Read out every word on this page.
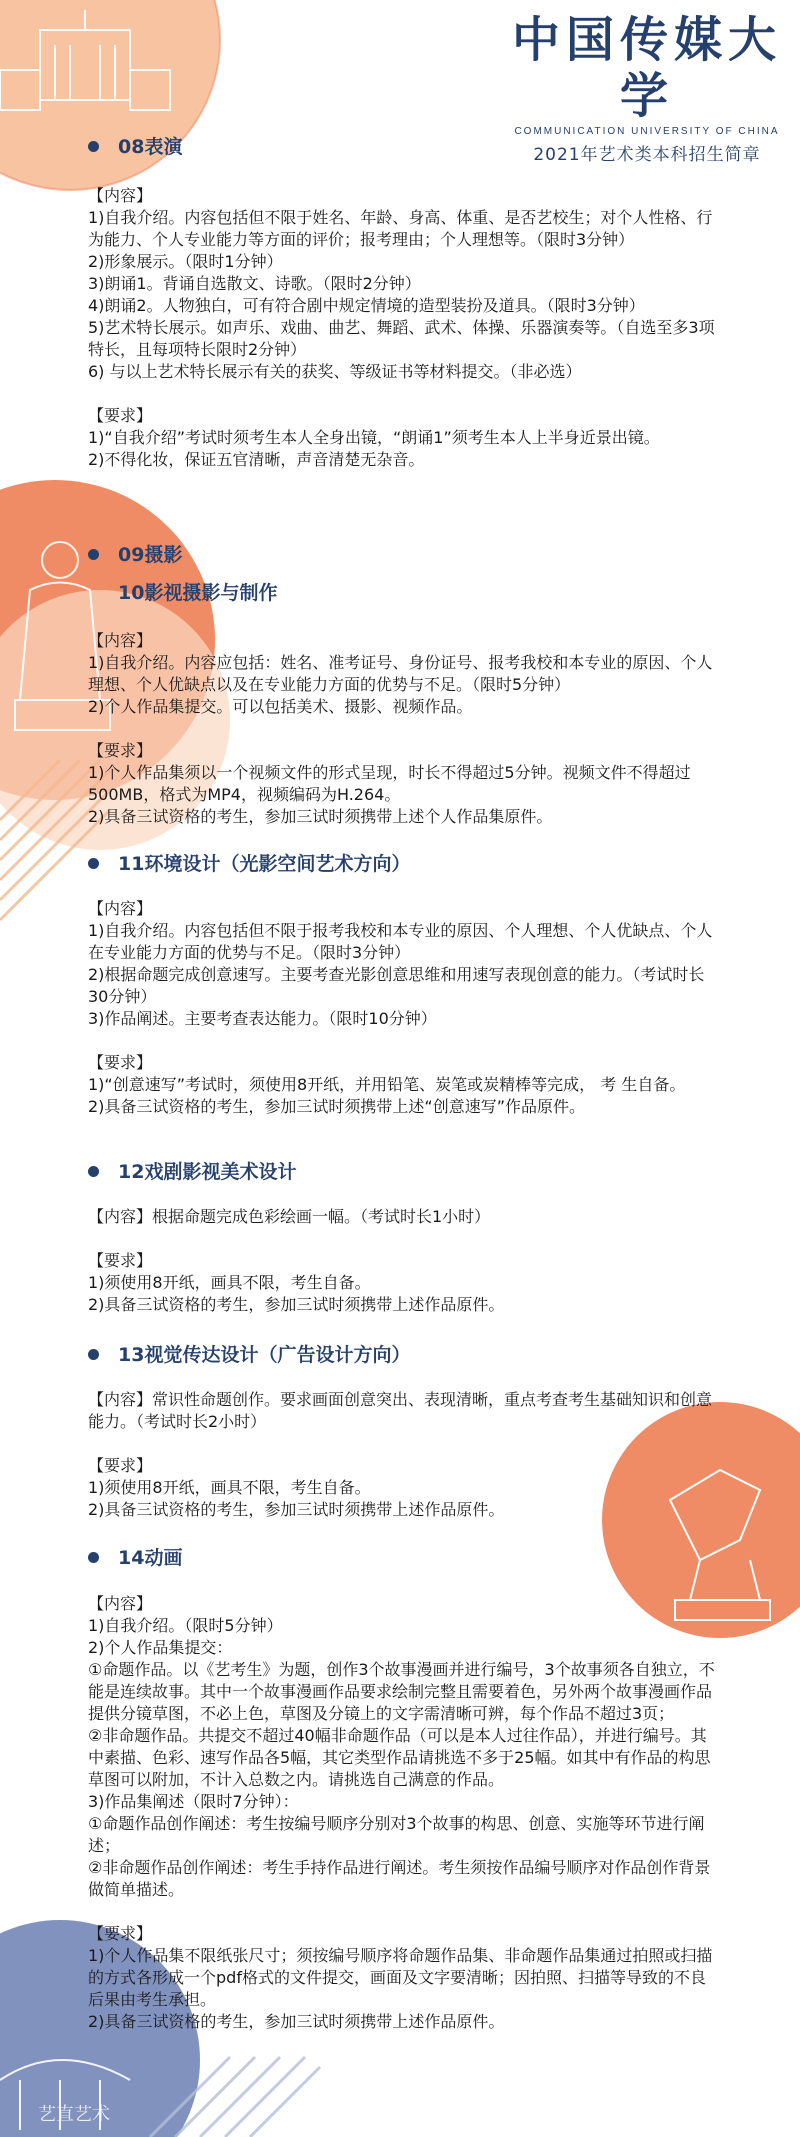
中国传媒大学
COMMUNICATION UNIVERSITY OF CHINA
2021年艺术类本科招生简章
08表演
【内容】
1)自我介绍。内容包括但不限于姓名、年龄、身高、体重、是否艺校生；对个人性格、行为能力、个人专业能力等方面的评价；报考理由；个人理想等。（限时3分钟）
2)形象展示。（限时1分钟）
3)朗诵1。背诵自选散文、诗歌。（限时2分钟）
4)朗诵2。人物独白，可有符合剧中规定情境的造型装扮及道具。（限时3分钟）
5)艺术特长展示。如声乐、戏曲、曲艺、舞蹈、武术、体操、乐器演奏等。（自选至多3项特长，且每项特长限时2分钟）
6) 与以上艺术特长展示有关的获奖、等级证书等材料提交。（非必选）

【要求】
1)“自我介绍”考试时须考生本人全身出镜，“朗诵1”须考生本人上半身近景出镜。
2)不得化妆，保证五官清晰，声音清楚无杂音。
09摄影
10影视摄影与制作
【内容】
1)自我介绍。内容应包括：姓名、准考证号、身份证号、报考我校和本专业的原因、个人理想、个人优缺点以及在专业能力方面的优势与不足。（限时5分钟）
2)个人作品集提交。可以包括美术、摄影、视频作品。

【要求】
1)个人作品集须以一个视频文件的形式呈现，时长不得超过5分钟。视频文件不得超过500MB，格式为MP4，视频编码为H.264。
2)具备三试资格的考生，参加三试时须携带上述个人作品集原件。
11环境设计（光影空间艺术方向）
【内容】
1)自我介绍。内容包括但不限于报考我校和本专业的原因、个人理想、个人优缺点、个人在专业能力方面的优势与不足。（限时3分钟）
2)根据命题完成创意速写。主要考查光影创意思维和用速写表现创意的能力。（考试时长30分钟）
3)作品阐述。主要考查表达能力。（限时10分钟）

【要求】
1)“创意速写”考试时，须使用8开纸，并用铅笔、炭笔或炭精棒等完成， 考 生自备。
2)具备三试资格的考生，参加三试时须携带上述“创意速写”作品原件。
12戏剧影视美术设计
【内容】根据命题完成色彩绘画一幅。（考试时长1小时）

【要求】
1)须使用8开纸，画具不限，考生自备。
2)具备三试资格的考生，参加三试时须携带上述作品原件。
13视觉传达设计（广告设计方向）
【内容】常识性命题创作。要求画面创意突出、表现清晰，重点考查考生基础知识和创意能力。（考试时长2小时）

【要求】
1)须使用8开纸，画具不限，考生自备。
2)具备三试资格的考生，参加三试时须携带上述作品原件。
14动画
【内容】
1)自我介绍。（限时5分钟）
2)个人作品集提交：
①命题作品。以《艺考生》为题，创作3个故事漫画并进行编号，3个故事须各自独立，不能是连续故事。其中一个故事漫画作品要求绘制完整且需要着色，另外两个故事漫画作品提供分镜草图，不必上色，草图及分镜上的文字需清晰可辨，每个作品不超过3页；
②非命题作品。共提交不超过40幅非命题作品（可以是本人过往作品），并进行编号。其中素描、色彩、速写作品各5幅，其它类型作品请挑选不多于25幅。如其中有作品的构思草图可以附加，不计入总数之内。请挑选自己满意的作品。
3)作品集阐述（限时7分钟）：
①命题作品创作阐述：考生按编号顺序分别对3个故事的构思、创意、实施等环节进行阐述；
②非命题作品创作阐述：考生手持作品进行阐述。考生须按作品编号顺序对作品创作背景做简单描述。

【要求】
1)个人作品集不限纸张尺寸；须按编号顺序将命题作品集、非命题作品集通过拍照或扫描的方式各形成一个pdf格式的文件提交，画面及文字要清晰；因拍照、扫描等导致的不良后果由考生承担。
2)具备三试资格的考生，参加三试时须携带上述作品原件。
艺直艺术
